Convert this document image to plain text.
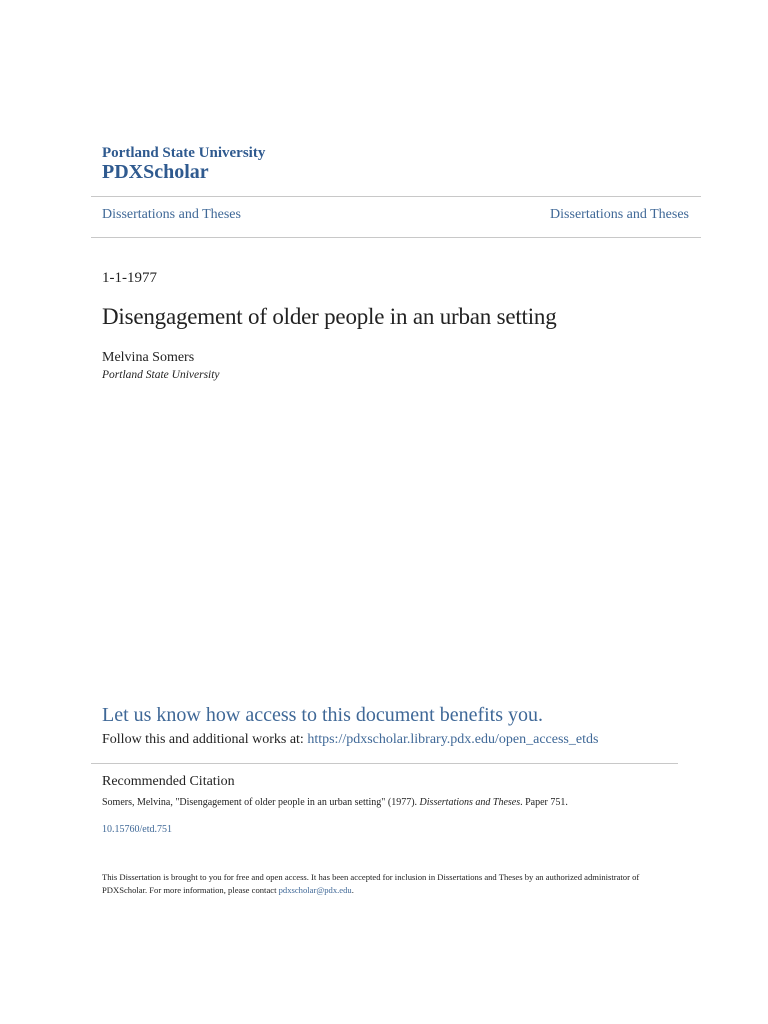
Portland State University
PDXScholar
Dissertations and Theses	Dissertations and Theses
1-1-1977
Disengagement of older people in an urban setting
Melvina Somers
Portland State University
Let us know how access to this document benefits you.
Follow this and additional works at: https://pdxscholar.library.pdx.edu/open_access_etds
Recommended Citation
Somers, Melvina, "Disengagement of older people in an urban setting" (1977). Dissertations and Theses. Paper 751.
10.15760/etd.751
This Dissertation is brought to you for free and open access. It has been accepted for inclusion in Dissertations and Theses by an authorized administrator of PDXScholar. For more information, please contact pdxscholar@pdx.edu.
